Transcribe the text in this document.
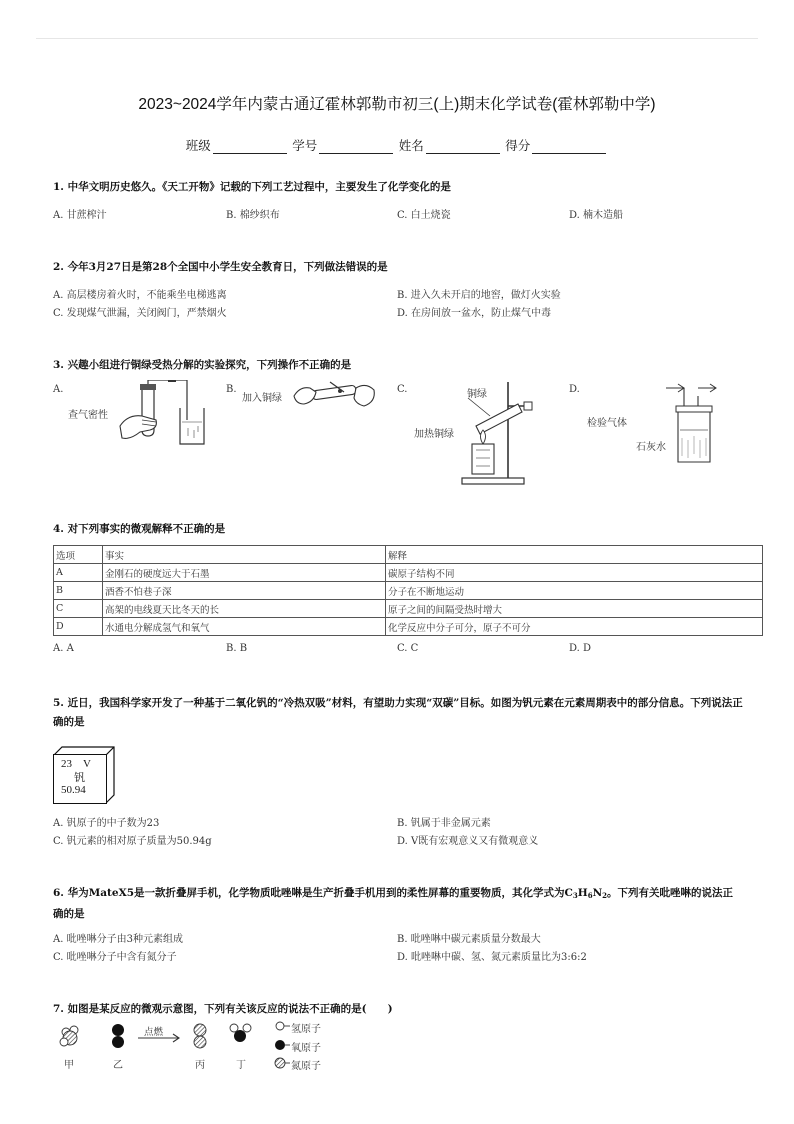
2023~2024学年内蒙古通辽霍林郭勒市初三(上)期末化学试卷(霍林郭勒中学)
班级	学号	姓名	得分
1. 中华文明历史悠久。《天工开物》记载的下列工艺过程中，主要发生了化学变化的是
A. 甘蔗榨汁	B. 棉纱织布	C. 白土烧瓷	D. 楠木造船
2. 今年3月27日是第28个全国中小学生安全教育日，下列做法错误的是
A. 高层楼房着火时，不能乘坐电梯逃离	B. 进入久未开启的地窖，做灯火实验
C. 发现煤气泄漏，关闭阀门，严禁烟火	D. 在房间放一盆水，防止煤气中毒
3. 兴趣小组进行铜绿受热分解的实验探究，下列操作不正确的是
A.
查气密性
B.
加入铜绿
C.	铜绿
加热铜绿
D.
检验气体
石灰水
4. 对下列事实的微观解释不正确的是
选项	事实	解释
A	金刚石的硬度远大于石墨	碳原子结构不同
B	酒香不怕巷子深	分子在不断地运动
C	高架的电线夏天比冬天的长	原子之间的间隔受热时增大
D	水通电分解成氢气和氧气	化学反应中分子可分，原子不可分
A. A	B. B	C. C	D. D
5. 近日，我国科学家开发了一种基于二氧化钒的“冷热双吸”材料，有望助力实现“双碳”目标。如图为钒元素在元素周期表中的部分信息。下列说法正确的是
23　V
钒
50.94
A. 钒原子的中子数为23	B. 钒属于非金属元素
C. 钒元素的相对原子质量为50.94g	D. V既有宏观意义又有微观意义
6. 华为MateX5是一款折叠屏手机，化学物质吡唑啉是生产折叠手机用到的柔性屏幕的重要物质，其化学式为$C_3H_6N_2$。下列有关吡唑啉的说法正确的是
A. 吡唑啉分子由3种元素组成	B. 吡唑啉中碳元素质量分数最大
C. 吡唑啉分子中含有氮分子	D. 吡唑啉中碳、氢、氮元素质量比为3:6:2
7. 如图是某反应的微观示意图，下列有关该反应的说法不正确的是(　　)
点燃
甲	乙	丙	丁
氢原子
氧原子
氮原子
